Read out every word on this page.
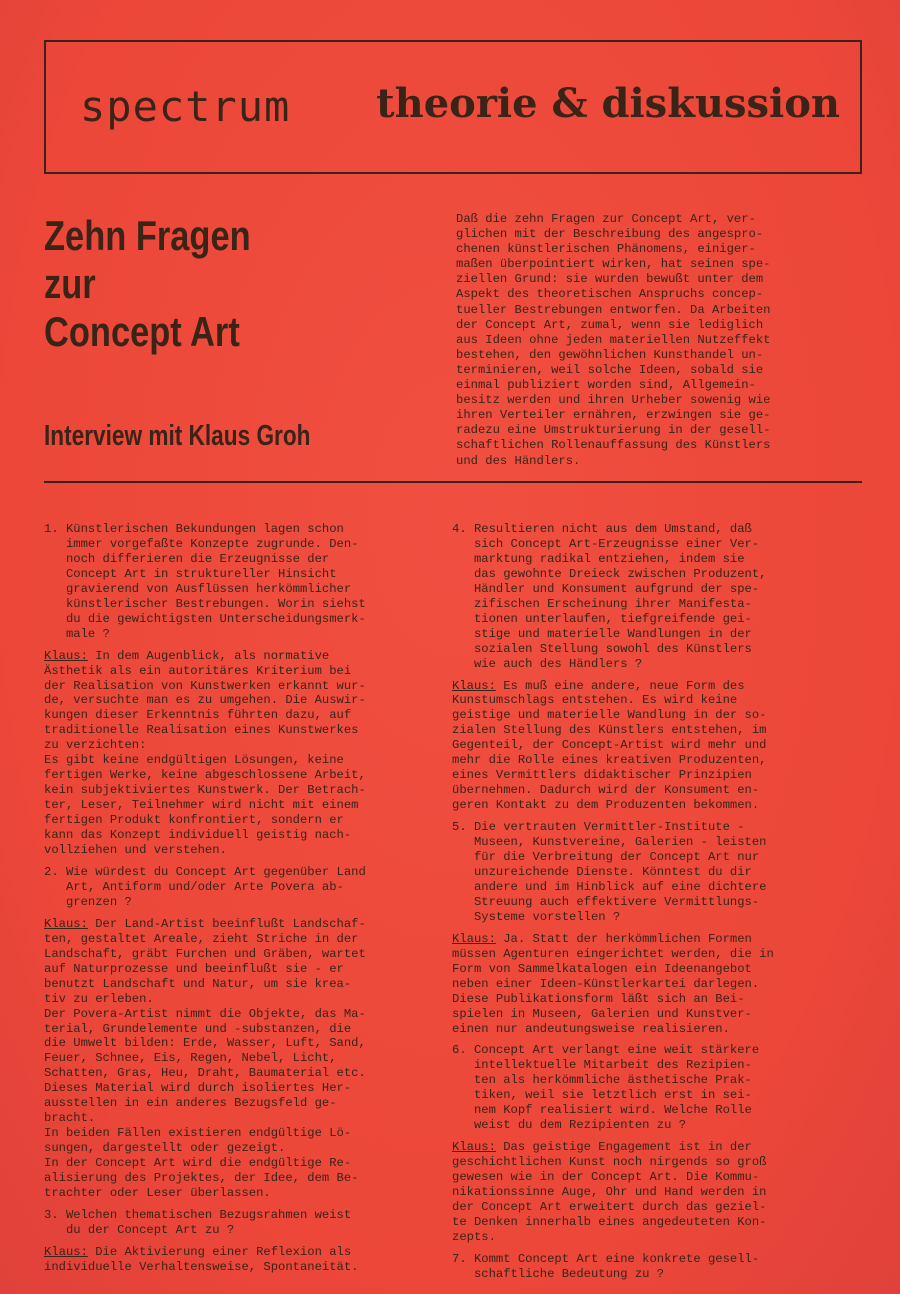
spectrum theorie & diskussion
Zehn Fragen
zur
Concept Art
Interview mit Klaus Groh
Daß die zehn Fragen zur Concept Art, ver-
glichen mit der Beschreibung des angespro-
chenen künstlerischen Phänomens, einiger-
maßen überpointiert wirken, hat seinen spe-
ziellen Grund: sie wurden bewußt unter dem
Aspekt des theoretischen Anspruchs concep-
tueller Bestrebungen entworfen. Da Arbeiten
der Concept Art, zumal, wenn sie lediglich
aus Ideen ohne jeden materiellen Nutzeffekt
bestehen, den gewöhnlichen Kunsthandel un-
terminieren, weil solche Ideen, sobald sie
einmal publiziert worden sind, Allgemein-
besitz werden und ihren Urheber sowenig wie
ihren Verteiler ernähren, erzwingen sie ge-
radezu eine Umstrukturierung in der gesell-
schaftlichen Rollenauffassung des Künstlers
und des Händlers.
1. Künstlerischen Bekundungen lagen schon
immer vorgefaßte Konzepte zugrunde. Den-
noch differieren die Erzeugnisse der
Concept Art in struktureller Hinsicht
gravierend von Ausflüssen herkömmlicher
künstlerischer Bestrebungen. Worin siehst
du die gewichtigsten Unterscheidungsmerk-
male ?
Klaus: In dem Augenblick, als normative
Ästhetik als ein autoritäres Kriterium bei
der Realisation von Kunstwerken erkannt wur-
de, versuchte man es zu umgehen. Die Auswir-
kungen dieser Erkenntnis führten dazu, auf
traditionelle Realisation eines Kunstwerkes
zu verzichten:
Es gibt keine endgültigen Lösungen, keine
fertigen Werke, keine abgeschlossene Arbeit,
kein subjektiviertes Kunstwerk. Der Betrach-
ter, Leser, Teilnehmer wird nicht mit einem
fertigen Produkt konfrontiert, sondern er
kann das Konzept individuell geistig nach-
vollziehen und verstehen.
2. Wie würdest du Concept Art gegenüber Land
Art, Antiform und/oder Arte Povera ab-
grenzen ?
Klaus: Der Land-Artist beeinflußt Landschaf-
ten, gestaltet Areale, zieht Striche in der
Landschaft, gräbt Furchen und Gräben, wartet
auf Naturprozesse und beeinflußt sie - er
benutzt Landschaft und Natur, um sie krea-
tiv zu erleben.
Der Povera-Artist nimmt die Objekte, das Ma-
terial, Grundelemente und -substanzen, die
die Umwelt bilden: Erde, Wasser, Luft, Sand,
Feuer, Schnee, Eis, Regen, Nebel, Licht,
Schatten, Gras, Heu, Draht, Baumaterial etc.
Dieses Material wird durch isoliertes Her-
ausstellen in ein anderes Bezugsfeld ge-
bracht.
In beiden Fällen existieren endgültige Lö-
sungen, dargestellt oder gezeigt.
In der Concept Art wird die endgültige Re-
alisierung des Projektes, der Idee, dem Be-
trachter oder Leser überlassen.
3. Welchen thematischen Bezugsrahmen weist
du der Concept Art zu ?
Klaus: Die Aktivierung einer Reflexion als
individuelle Verhaltensweise, Spontaneität.
4. Resultieren nicht aus dem Umstand, daß
sich Concept Art-Erzeugnisse einer Ver-
marktung radikal entziehen, indem sie
das gewohnte Dreieck zwischen Produzent,
Händler und Konsument aufgrund der spe-
zifischen Erscheinung ihrer Manifesta-
tionen unterlaufen, tiefgreifende gei-
stige und materielle Wandlungen in der
sozialen Stellung sowohl des Künstlers
wie auch des Händlers ?
Klaus: Es muß eine andere, neue Form des
Kunstumschlags entstehen. Es wird keine
geistige und materielle Wandlung in der so-
zialen Stellung des Künstlers entstehen, im
Gegenteil, der Concept-Artist wird mehr und
mehr die Rolle eines kreativen Produzenten,
eines Vermittlers didaktischer Prinzipien
übernehmen. Dadurch wird der Konsument en-
geren Kontakt zu dem Produzenten bekommen.
5. Die vertrauten Vermittler-Institute -
Museen, Kunstvereine, Galerien - leisten
für die Verbreitung der Concept Art nur
unzureichende Dienste. Könntest du dir
andere und im Hinblick auf eine dichtere
Streuung auch effektivere Vermittlungs-
Systeme vorstellen ?
Klaus: Ja. Statt der herkömmlichen Formen
müssen Agenturen eingerichtet werden, die in
Form von Sammelkatalogen ein Ideenangebot
neben einer Ideen-Künstlerkartei darlegen.
Diese Publikationsform läßt sich an Bei-
spielen in Museen, Galerien und Kunstver-
einen nur andeutungsweise realisieren.
6. Concept Art verlangt eine weit stärkere
intellektuelle Mitarbeit des Rezipien-
ten als herkömmliche ästhetische Prak-
tiken, weil sie letztlich erst in sei-
nem Kopf realisiert wird. Welche Rolle
weist du dem Rezipienten zu ?
Klaus: Das geistige Engagement ist in der
geschichtlichen Kunst noch nirgends so groß
gewesen wie in der Concept Art. Die Kommu-
nikationssinne Auge, Ohr und Hand werden in
der Concept Art erweitert durch das geziel-
te Denken innerhalb eines angedeuteten Kon-
zepts.
7. Kommt Concept Art eine konkrete gesell-
schaftliche Bedeutung zu ?
